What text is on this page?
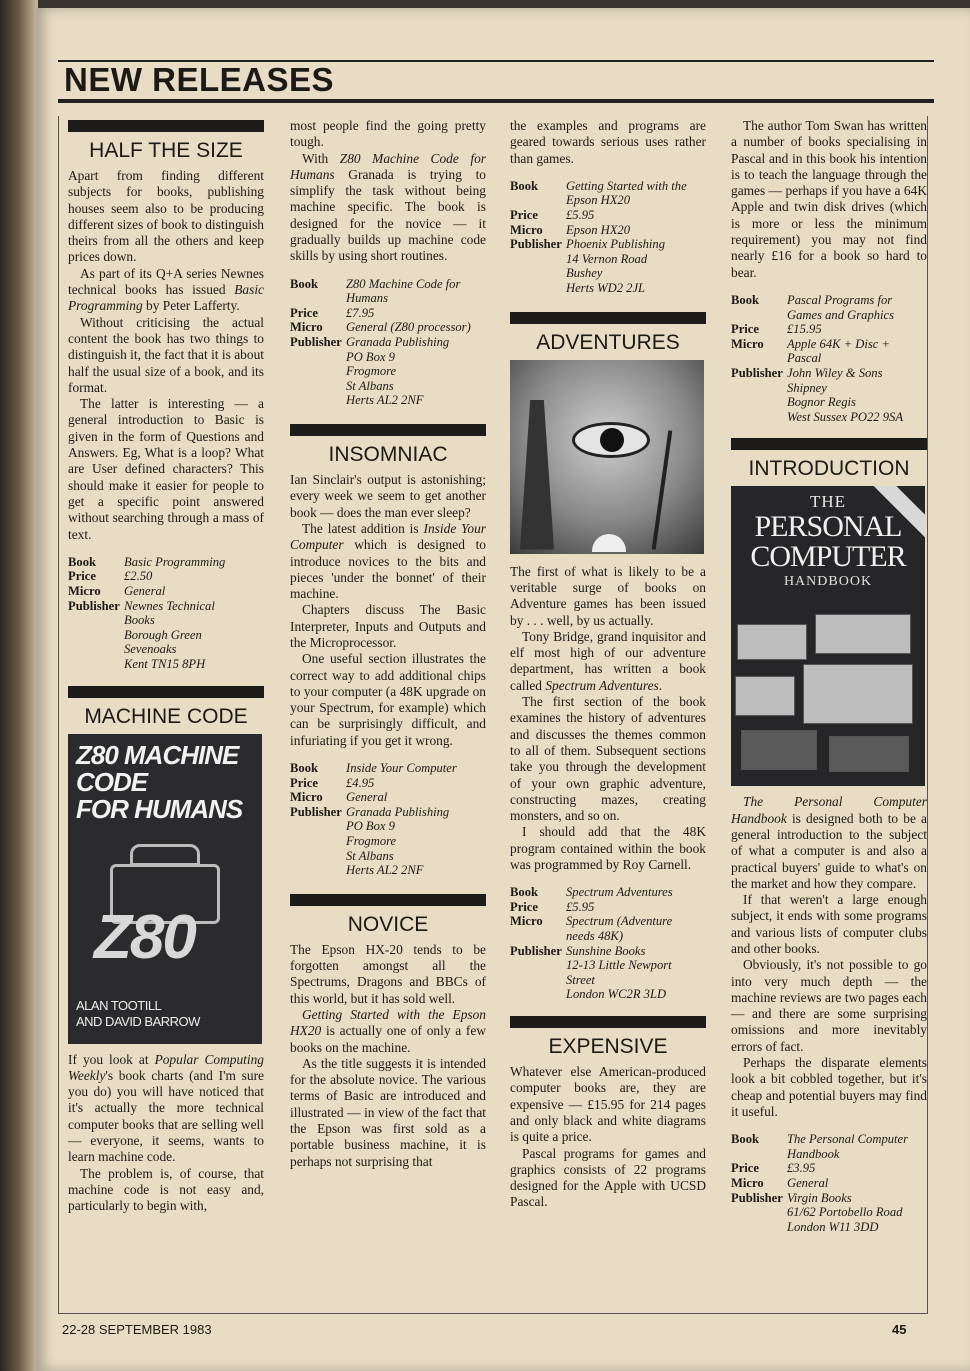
NEW RELEASES
HALF THE SIZE

Apart from finding different subjects for books, publishing houses seem also to be producing different sizes of book to distinguish theirs from all the others and keep prices down.

As part of its Q+A series Newnes technical books has issued Basic Programming by Peter Lafferty.

Without criticising the actual content the book has two things to distinguish it, the fact that it is about half the usual size of a book, and its format.

The latter is interesting — a general introduction to Basic is given in the form of Questions and Answers. Eg, What is a loop? What are User defined characters? This should make it easier for people to get a specific point answered without searching through a mass of text.

Book	Basic Programming
Price	£2.50
Micro	General
Publisher Newnes Technical
Books
Borough Green
Sevenoaks
Kent TN15 8PH
MACHINE CODE
Z80 MACHINE
CODE
FOR HUMANS
Z80
ALAN TOOTILL
AND DAVID BARROW

If you look at Popular Computing Weekly's book charts (and I'm sure you do) you will have noticed that it's actually the more technical computer books that are selling well — everyone, it seems, wants to learn machine code.

The problem is, of course, that machine code is not easy and, particularly to begin with,

most people find the going pretty tough.

With Z80 Machine Code for Humans Granada is trying to simplify the task without being machine specific. The book is designed for the novice — it gradually builds up machine code skills by using short routines.

Book	Z80 Machine Code for
Humans
Price	£7.95
Micro	General (Z80 processor)
Publisher Granada Publishing
PO Box 9
Frogmore
St Albans
Herts AL2 2NF
INSOMNIAC

Ian Sinclair's output is astonishing; every week we seem to get another book — does the man ever sleep?

The latest addition is Inside Your Computer which is designed to introduce novices to the bits and pieces 'under the bonnet' of their machine.

Chapters discuss The Basic Interpreter, Inputs and Outputs and the Microprocessor.

One useful section illustrates the correct way to add additional chips to your computer (a 48K upgrade on your Spectrum, for example) which can be surprisingly difficult, and infuriating if you get it wrong.

Book	Inside Your Computer
Price	£4.95
Micro	General
Publisher Granada Publishing
PO Box 9
Frogmore
St Albans
Herts AL2 2NF
NOVICE

The Epson HX-20 tends to be forgotten amongst all the Spectrums, Dragons and BBCs of this world, but it has sold well.

Getting Started with the Epson HX20 is actually one of only a few books on the machine.

As the title suggests it is intended for the absolute novice. The various terms of Basic are introduced and illustrated — in view of the fact that the Epson was first sold as a portable business machine, it is perhaps not surprising that

the examples and programs are geared towards serious uses rather than games.

Book	Getting Started with the
Epson HX20
Price	£5.95
Micro	Epson HX20
Publisher Phoenix Publishing
14 Vernon Road
Bushey
Herts WD2 2JL
ADVENTURES

The first of what is likely to be a veritable surge of books on Adventure games has been issued by . . . well, by us actually.

Tony Bridge, grand inquisitor and elf most high of our adventure department, has written a book called Spectrum Adventures.

The first section of the book examines the history of adventures and discusses the themes common to all of them. Subsequent sections take you through the development of your own graphic adventure, constructing mazes, creating monsters, and so on.

I should add that the 48K program contained within the book was programmed by Roy Carnell.

Book	Spectrum Adventures
Price	£5.95
Micro	Spectrum (Adventure
needs 48K)
Publisher Sunshine Books
12-13 Little Newport
Street
London WC2R 3LD
EXPENSIVE

Whatever else American-produced computer books are, they are expensive — £15.95 for 214 pages and only black and white diagrams is quite a price.

Pascal programs for games and graphics consists of 22 programs designed for the Apple with UCSD Pascal.

The author Tom Swan has written a number of books specialising in Pascal and in this book his intention is to teach the language through the games — perhaps if you have a 64K Apple and twin disk drives (which is more or less the minimum requirement) you may not find nearly £16 for a book so hard to bear.

Book	Pascal Programs for
Games and Graphics
Price	£15.95
Micro	Apple 64K + Disc +
Pascal
Publisher John Wiley & Sons
Shipney
Bognor Regis
West Sussex PO22 9SA
INTRODUCTION
THE
PERSONAL
COMPUTER
HANDBOOK

The Personal Computer Handbook is designed both to be a general introduction to the subject of what a computer is and also a practical buyers' guide to what's on the market and how they compare.

If that weren't a large enough subject, it ends with some programs and various lists of computer clubs and other books.

Obviously, it's not possible to go into very much depth — the machine reviews are two pages each — and there are some surprising omissions and more inevitably errors of fact.

Perhaps the disparate elements look a bit cobbled together, but it's cheap and potential buyers may find it useful.

Book	The Personal Computer
Handbook
Price	£3.95
Micro	General
Publisher Virgin Books
61/62 Portobello Road
London W11 3DD
22-28 SEPTEMBER 1983	45
